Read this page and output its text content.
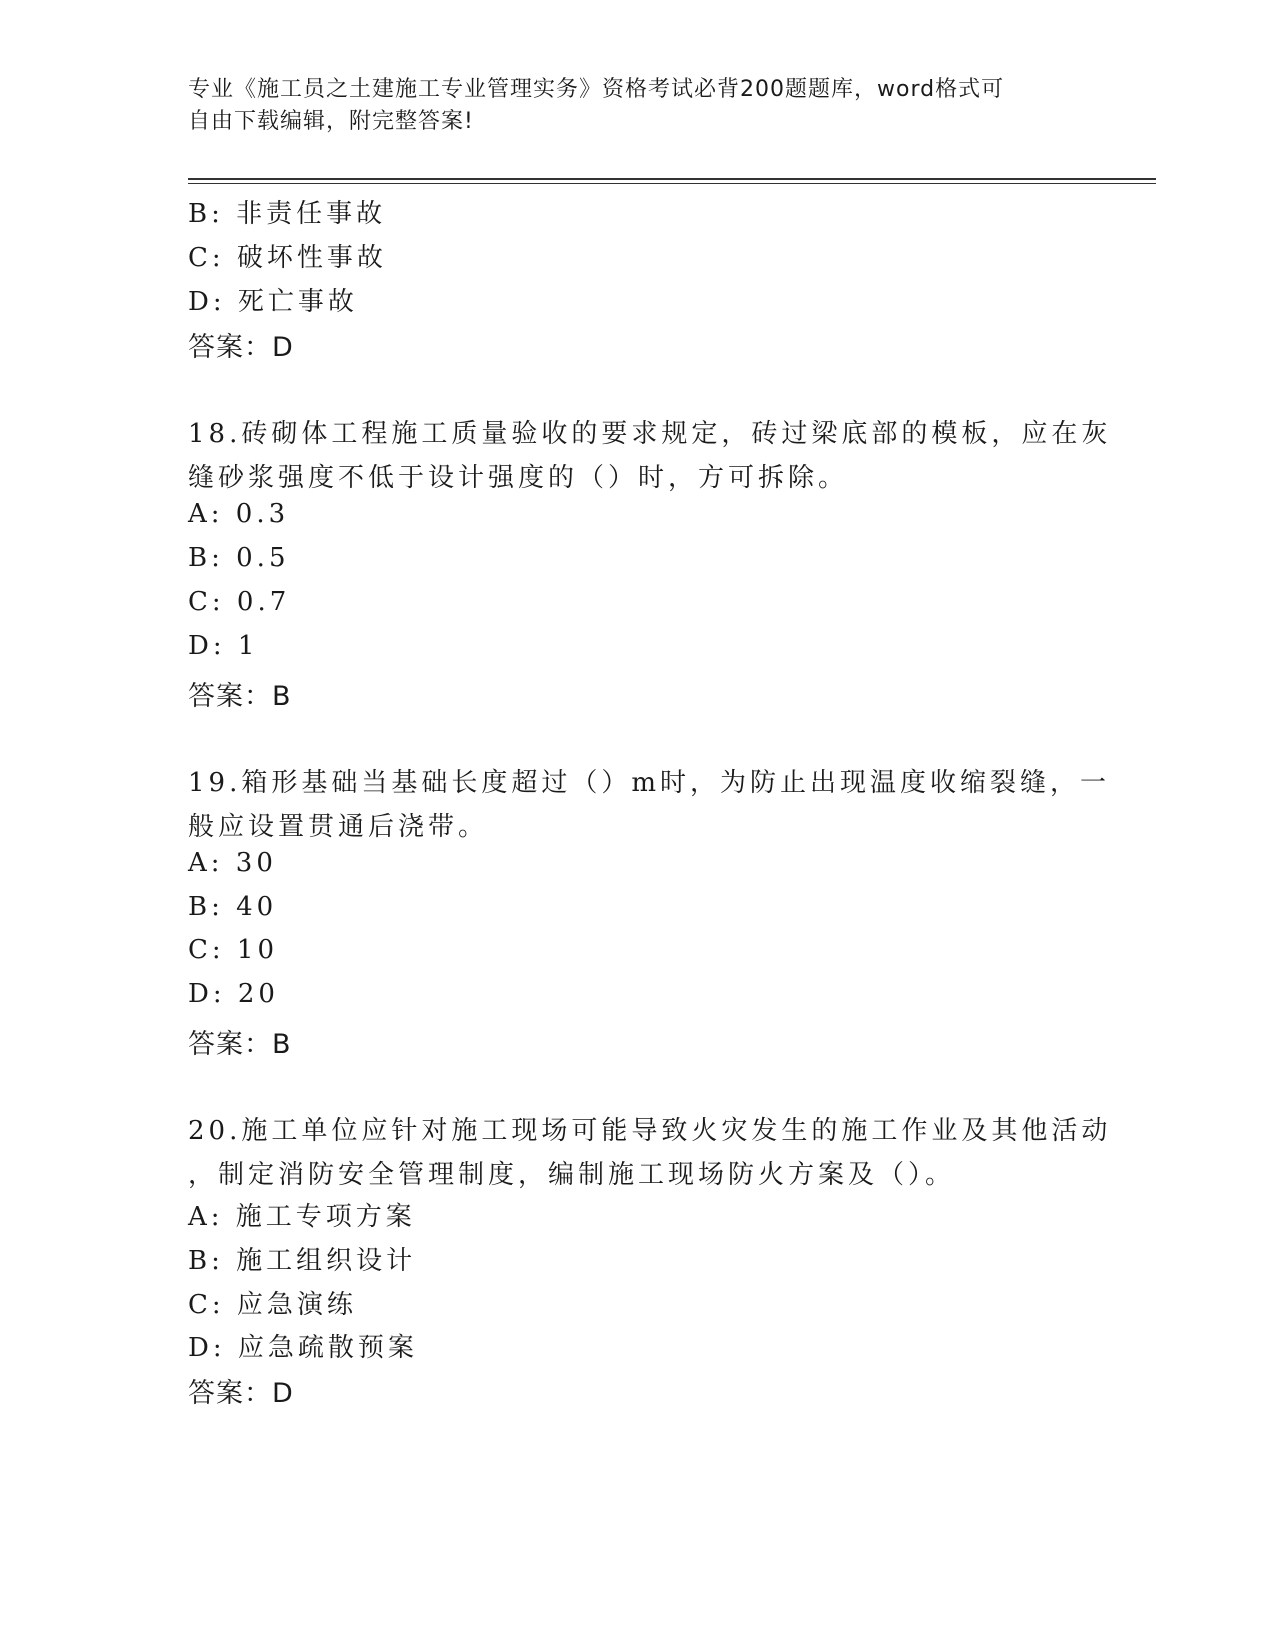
专业《施工员之土建施工专业管理实务》资格考试必背200题题库，word格式可
自由下载编辑，附完整答案!
B: 非责任事故
C: 破坏性事故
D: 死亡事故
答案：D
18.砖砌体工程施工质量验收的要求规定，砖过梁底部的模板，应在灰
缝砂浆强度不低于设计强度的（）时，方可拆除。
A: 0.3
B: 0.5
C: 0.7
D: 1
答案：B
19.箱形基础当基础长度超过（）m时，为防止出现温度收缩裂缝，一
般应设置贯通后浇带。
A: 30
B: 40
C: 10
D: 20
答案：B
20.施工单位应针对施工现场可能导致火灾发生的施工作业及其他活动
，制定消防安全管理制度，编制施工现场防火方案及（）。
A: 施工专项方案
B: 施工组织设计
C: 应急演练
D: 应急疏散预案
答案：D
